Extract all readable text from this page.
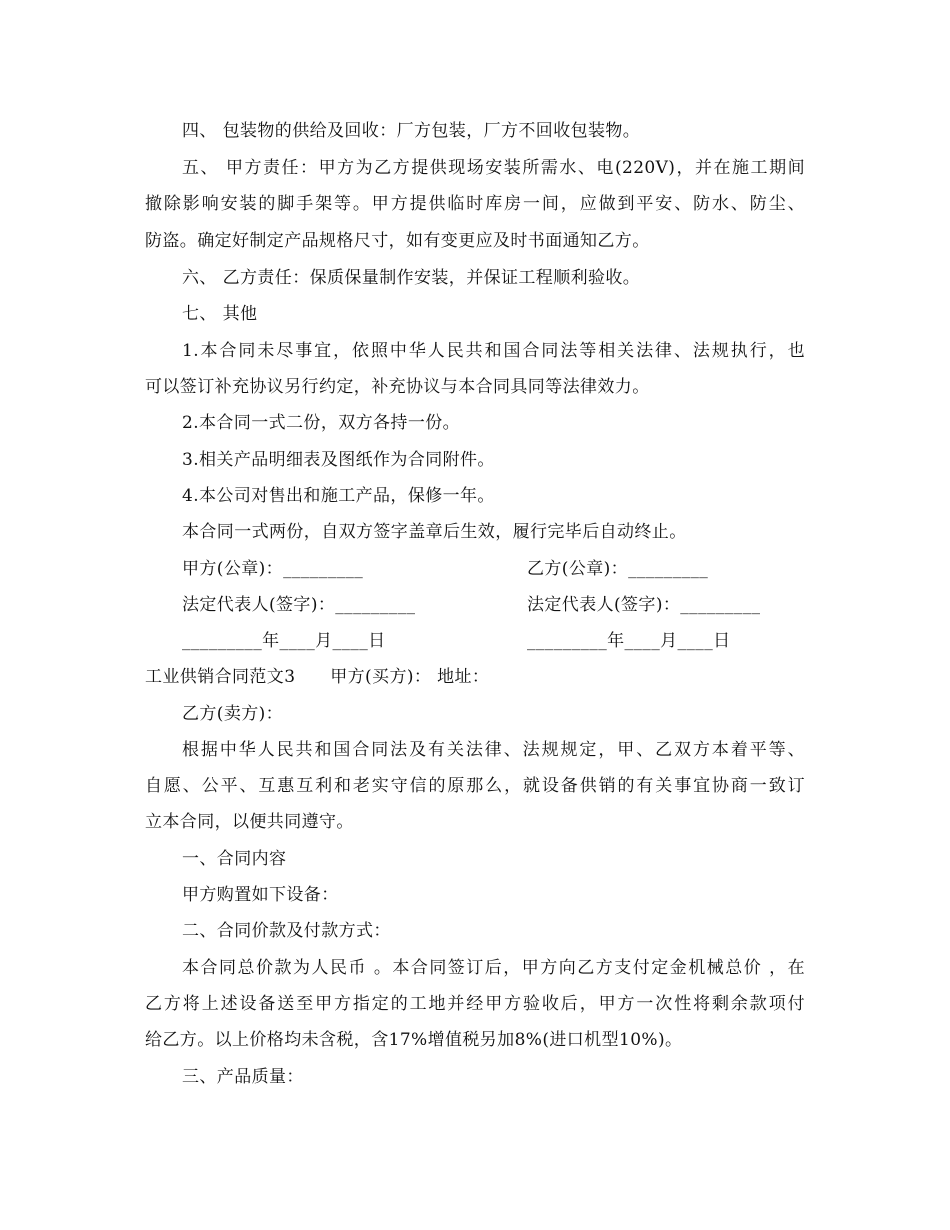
四、 包装物的供给及回收：厂方包装，厂方不回收包装物。
五、 甲方责任：甲方为乙方提供现场安装所需水、电(220V)，并在施工期间
撤除影响安装的脚手架等。甲方提供临时库房一间，应做到平安、防水、防尘、
防盗。确定好制定产品规格尺寸，如有变更应及时书面通知乙方。
六、 乙方责任：保质保量制作安装，并保证工程顺利验收。
七、 其他
1.本合同未尽事宜，依照中华人民共和国合同法等相关法律、法规执行，也
可以签订补充协议另行约定，补充协议与本合同具同等法律效力。
2.本合同一式二份，双方各持一份。
3.相关产品明细表及图纸作为合同附件。
4.本公司对售出和施工产品，保修一年。
本合同一式两份，自双方签字盖章后生效，履行完毕后自动终止。
甲方(公章)：_________	乙方(公章)：_________
法定代表人(签字)：_________	法定代表人(签字)：_________
_________年____月____日	_________年____月____日
工业供销合同范文3　　甲方(买方)： 地址：
乙方(卖方)：
根据中华人民共和国合同法及有关法律、法规规定，甲、乙双方本着平等、
自愿、公平、互惠互利和老实守信的原那么，就设备供销的有关事宜协商一致订
立本合同，以便共同遵守。
一、合同内容
甲方购置如下设备：
二、合同价款及付款方式：
本合同总价款为人民币 。本合同签订后，甲方向乙方支付定金机械总价 ，在
乙方将上述设备送至甲方指定的工地并经甲方验收后，甲方一次性将剩余款项付
给乙方。以上价格均未含税，含17%增值税另加8%(进口机型10%)。
三、产品质量：
